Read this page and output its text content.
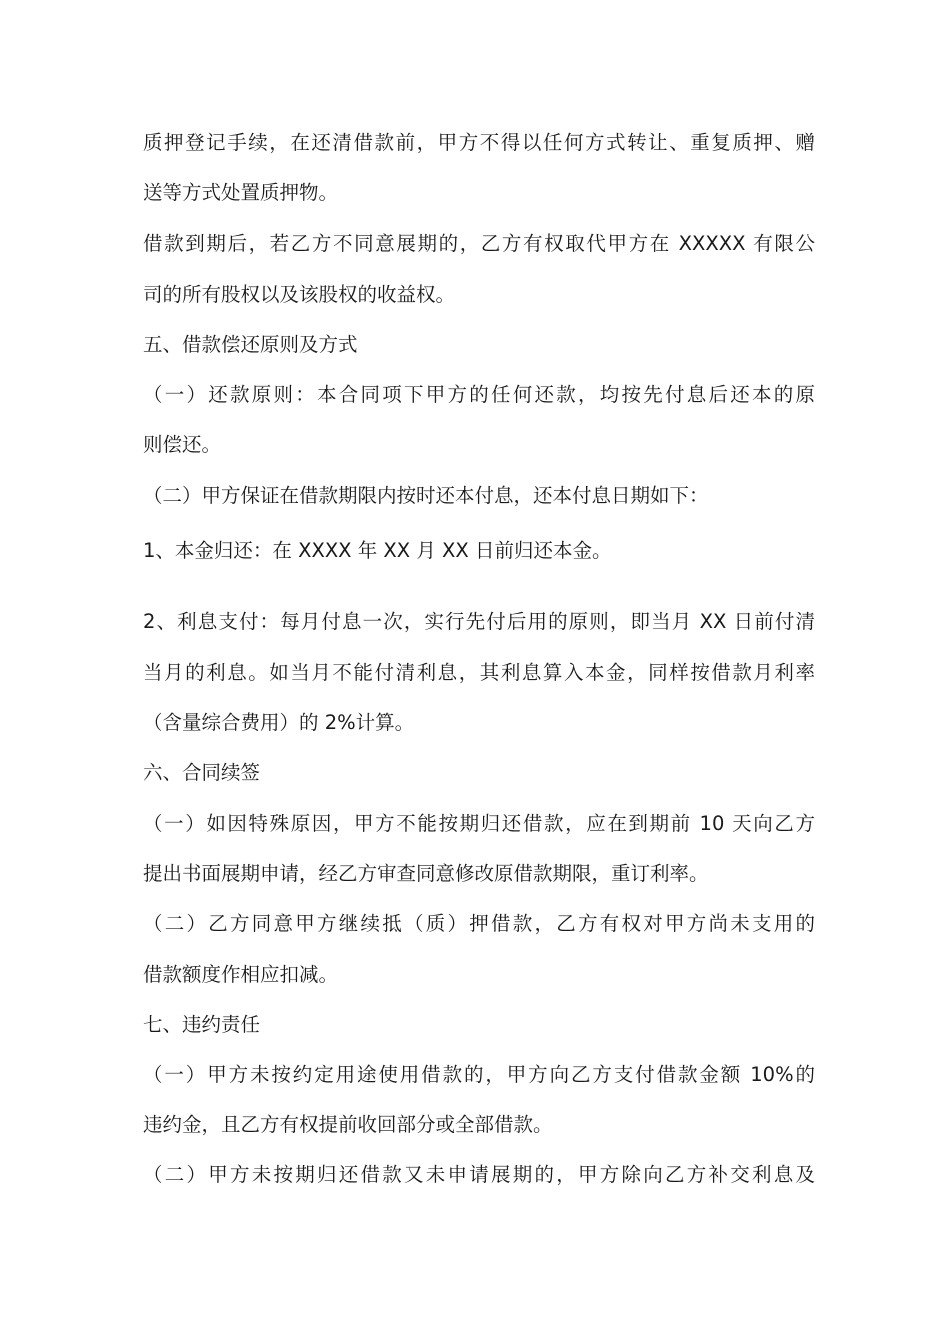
质押登记手续，在还清借款前，甲方不得以任何方式转让、重复质押、赠
送等方式处置质押物。
借款到期后，若乙方不同意展期的，乙方有权取代甲方在 XXXXX 有限公
司的所有股权以及该股权的收益权。
五、借款偿还原则及方式
（一）还款原则：本合同项下甲方的任何还款，均按先付息后还本的原
则偿还。
（二）甲方保证在借款期限内按时还本付息，还本付息日期如下：
1、本金归还：在 XXXX 年 XX 月 XX 日前归还本金。
2、利息支付：每月付息一次，实行先付后用的原则，即当月 XX 日前付清
当月的利息。如当月不能付清利息，其利息算入本金，同样按借款月利率
（含量综合费用）的 2%计算。
六、合同续签
（一）如因特殊原因，甲方不能按期归还借款，应在到期前 10 天向乙方
提出书面展期申请，经乙方审查同意修改原借款期限，重订利率。
（二）乙方同意甲方继续抵（质）押借款，乙方有权对甲方尚未支用的
借款额度作相应扣减。
七、违约责任
（一）甲方未按约定用途使用借款的，甲方向乙方支付借款金额 10%的
违约金，且乙方有权提前收回部分或全部借款。
（二）甲方未按期归还借款又未申请展期的，甲方除向乙方补交利息及
